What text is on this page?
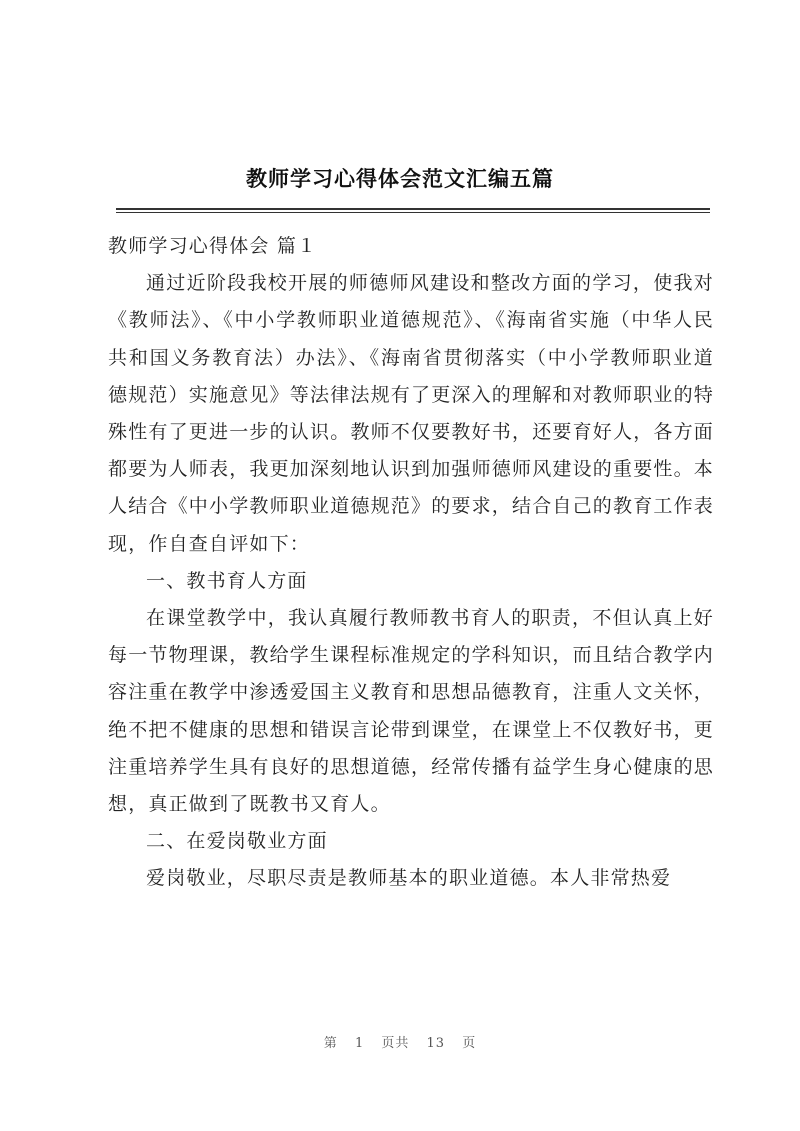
教师学习心得体会范文汇编五篇

教师学习心得体会 篇１

通过近阶段我校开展的师德师风建设和整改方面的学习，使我对《教师法》、《中小学教师职业道德规范》、《海南省实施（中华人民共和国义务教育法）办法》、《海南省贯彻落实（中小学教师职业道德规范）实施意见》等法律法规有了更深入的理解和对教师职业的特殊性有了更进一步的认识。教师不仅要教好书，还要育好人，各方面都要为人师表，我更加深刻地认识到加强师德师风建设的重要性。本人结合《中小学教师职业道德规范》的要求，结合自己的教育工作表现，作自查自评如下：

一、教书育人方面

在课堂教学中，我认真履行教师教书育人的职责，不但认真上好每一节物理课，教给学生课程标准规定的学科知识，而且结合教学内容注重在教学中渗透爱国主义教育和思想品德教育，注重人文关怀，绝不把不健康的思想和错误言论带到课堂，在课堂上不仅教好书，更注重培养学生具有良好的思想道德，经常传播有益学生身心健康的思想，真正做到了既教书又育人。

二、在爱岗敬业方面

爱岗敬业，尽职尽责是教师基本的职业道德。本人非常热爱

第 1 页共 13 页
